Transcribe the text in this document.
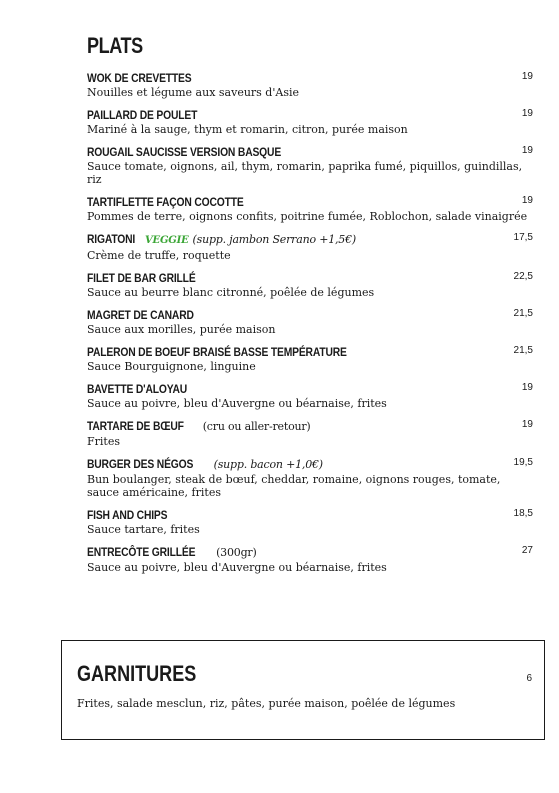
PLATS
WOK DE CREVETTES	19
Nouilles et légume aux saveurs d'Asie
PAILLARD DE POULET	19
Mariné à la sauge, thym et romarin, citron, purée maison
ROUGAIL SAUCISSE VERSION BASQUE	19
Sauce tomate, oignons, ail, thym, romarin, paprika fumé, piquillos, guindillas, riz
TARTIFLETTE FAÇON COCOTTE	19
Pommes de terre, oignons confits, poitrine fumée, Roblochon, salade vinaigrée
RIGATONI VEGGIE (supp. jambon Serrano +1,5€)	17,5
Crème de truffe, roquette
FILET DE BAR GRILLÉ	22,5
Sauce au beurre blanc citronné, poêlée de légumes
MAGRET DE CANARD	21,5
Sauce aux morilles, purée maison
PALERON DE BOEUF BRAISÉ BASSE TEMPÉRATURE	21,5
Sauce Bourguignone, linguine
BAVETTE D'ALOYAU	19
Sauce au poivre, bleu d'Auvergne ou béarnaise, frites
TARTARE DE BŒUF (cru ou aller-retour)	19
Frites
BURGER DES NÉGOS (supp. bacon +1,0€)	19,5
Bun boulanger, steak de bœuf, cheddar, romaine, oignons rouges, tomate, sauce américaine, frites
FISH AND CHIPS	18,5
Sauce tartare, frites
ENTRECÔTE GRILLÉE (300gr)	27
Sauce au poivre, bleu d'Auvergne ou béarnaise, frites
GARNITURES	6
Frites, salade mesclun, riz, pâtes, purée maison, poêlée de légumes
